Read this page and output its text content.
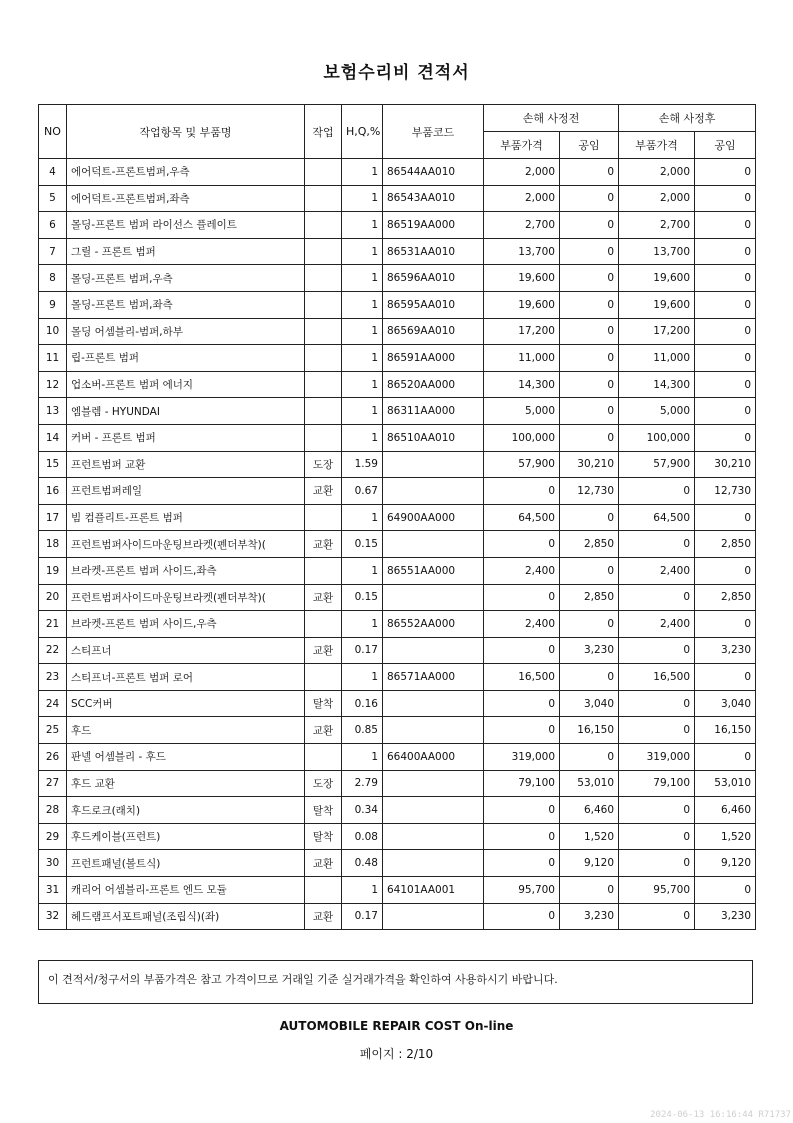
보험수리비 견적서
NO	작업항목 및 부품명	작업	H,Q,%	부품코드	손해 사정전		손해 사정후	
					부품가격	공임	부품가격	공임
4	에어덕트-프론트범퍼,우측		1	86544AA010	2,000	0	2,000	0
5	에어덕트-프론트범퍼,좌측		1	86543AA010	2,000	0	2,000	0
6	몰딩-프론트 범퍼 라이선스 플레이트		1	86519AA000	2,700	0	2,700	0
7	그릴 - 프론트 범퍼		1	86531AA010	13,700	0	13,700	0
8	몰딩-프론트 범퍼,우측		1	86596AA010	19,600	0	19,600	0
9	몰딩-프론트 범퍼,좌측		1	86595AA010	19,600	0	19,600	0
10	몰딩 어셈블리-범퍼,하부		1	86569AA010	17,200	0	17,200	0
11	립-프론트 범퍼		1	86591AA000	11,000	0	11,000	0
12	업소버-프론트 범퍼 에너지		1	86520AA000	14,300	0	14,300	0
13	엠블렘 - HYUNDAI		1	86311AA000	5,000	0	5,000	0
14	커버 - 프론트 범퍼		1	86510AA010	100,000	0	100,000	0
15	프런트범퍼 교환	도장	1.59		57,900	30,210	57,900	30,210
16	프런트범퍼레일	교환	0.67		0	12,730	0	12,730
17	빔 컴플리트-프론트 범퍼		1	64900AA000	64,500	0	64,500	0
18	프런트범퍼사이드마운팅브라켓(펜더부착)(	교환	0.15		0	2,850	0	2,850
19	브라켓-프론트 범퍼 사이드,좌측		1	86551AA000	2,400	0	2,400	0
20	프런트범퍼사이드마운팅브라켓(펜더부착)(	교환	0.15		0	2,850	0	2,850
21	브라켓-프론트 범퍼 사이드,우측		1	86552AA000	2,400	0	2,400	0
22	스티프너	교환	0.17		0	3,230	0	3,230
23	스티프너-프론트 범퍼 로어		1	86571AA000	16,500	0	16,500	0
24	SCC커버	탈착	0.16		0	3,040	0	3,040
25	후드	교환	0.85		0	16,150	0	16,150
26	판넬 어셈블리 - 후드		1	66400AA000	319,000	0	319,000	0
27	후드 교환	도장	2.79		79,100	53,010	79,100	53,010
28	후드로크(래치)	탈착	0.34		0	6,460	0	6,460
29	후드케이블(프런트)	탈착	0.08		0	1,520	0	1,520
30	프런트패널(볼트식)	교환	0.48		0	9,120	0	9,120
31	캐리어 어셈블리-프론트 엔드 모듈		1	64101AA001	95,700	0	95,700	0
32	헤드램프서포트패널(조립식)(좌)	교환	0.17		0	3,230	0	3,230
이 견적서/청구서의 부품가격은 참고 가격이므로 거래일 기준 실거래가격을 확인하여 사용하시기 바랍니다.
AUTOMOBILE REPAIR COST On-line
페이지 : 2/10
2024-06-13 16:16:44 R71737
